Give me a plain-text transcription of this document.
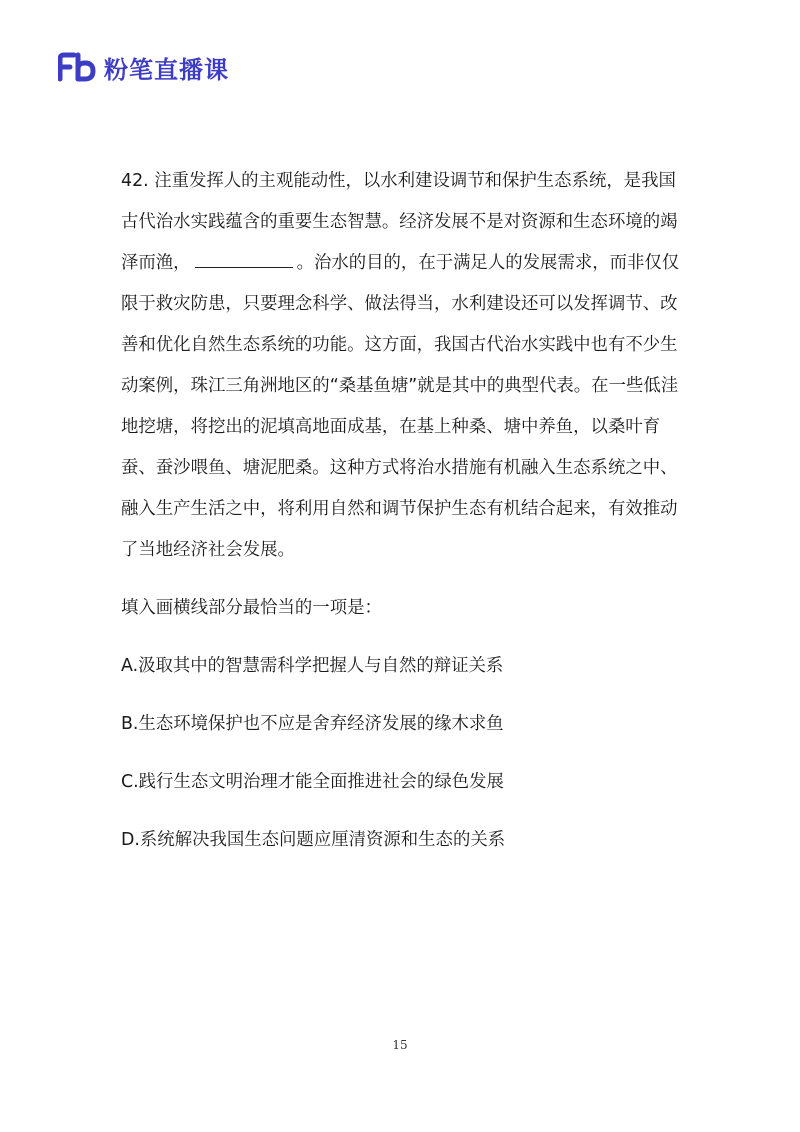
粉笔直播课

42. 注重发挥人的主观能动性，以水利建设调节和保护生态系统，是我国古代治水实践蕴含的重要生态智慧。经济发展不是对资源和生态环境的竭泽而渔，	。治水的目的，在于满足人的发展需求，而非仅仅限于救灾防患，只要理念科学、做法得当，水利建设还可以发挥调节、改善和优化自然生态系统的功能。这方面，我国古代治水实践中也有不少生动案例，珠江三角洲地区的“桑基鱼塘”就是其中的典型代表。在一些低洼地挖塘，将挖出的泥填高地面成基，在基上种桑、塘中养鱼，以桑叶育蚕、蚕沙喂鱼、塘泥肥桑。这种方式将治水措施有机融入生态系统之中、融入生产生活之中，将利用自然和调节保护生态有机结合起来，有效推动了当地经济社会发展。

填入画横线部分最恰当的一项是：

A.汲取其中的智慧需科学把握人与自然的辩证关系

B.生态环境保护也不应是舍弃经济发展的缘木求鱼

C.践行生态文明治理才能全面推进社会的绿色发展

D.系统解决我国生态问题应厘清资源和生态的关系

15
